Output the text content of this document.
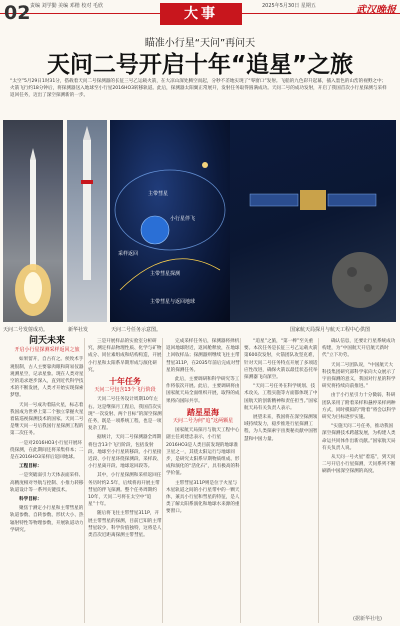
02 责编 刘学勤 美编 邓楷 校对 毛欣	大事	2025年5月30日 星期五	武汉晚报
瞄准小行星“天问”再问天
天问二号开启十年“追星”之旅
“太空”5月29日1时31分，搭载着天问二号探测器的长征三号乙运载火箭，在大凉山深处腾空而起，分秒不差地实现了“零窗口”发射。飞船的九色彩升起幕，插入墨色的山峦的视野之中；火箭飞行约18分钟后，将探测器送入地球至小行星2016HO3转移轨道。此后，探测器太阳翼正常展开，发射任务取得圆满成功。天问二号的成功发射，开启了我国首次小行星探测与采样返回任务，迈出了深空探测新的一步。
主带彗星
小行星伴飞
采样返回
主带彗星探测
主带彗星与返回地球
天问二号发射成功。	新华社发	天问二号任务示意图。	国家航天局探月与航天工程中心供图
问天未来
开启小行星探测采样返回之旅

如果留开，自古有之。侯致术手观很制，古人主要靠肉眼和简易仪器观测星空，记录星象。现在人类对星空的追求逐步深入，直到近代科学技术的不断发展，人类才开始实现探索梦想。

天问一号成功着陆火星，标志着我国成为世界上第二个独立掌握火星着陆巡视探测技术的国家。天问二号是继天问一号后我国行星探测工程的第二次任务。

一是对2016HO3小行星开展环绕探测，在此期间还将采集样本；二是在2016HO3采样后返回地球。

工程目标：

一是突破弱引力天体表面采样、高精度相对导航与控制、小推力转移轨道设计等一系列关键技术。

科学目标：

聚焦于测定小行星和主带彗星的轨道参数、自转参数、形状大小、热辐射特性等物理参数，开展轨道动力学研究。

三是开展样品的实验室分析研究，测定样品物理性质、化学与矿物成分、同位素组成和结构构造，开展小行星和太阳系早期形成与演化研究。

十年任务
天问二号包含13个飞行阶段

天问二号任务设计周期10年左右。这是继探月工程后，我国首次实现“一次发射、两个目标”的深空探测任务，既是一项系统工程，也是一项复杂工程。

据统计，天问二号探测器全周期将包含13个飞行阶段，包括发射段、地球至小行星转移段、小行星接近段、小行星环绕探测段、采样段、小行星离开段、地球返回段等。

其中，小行星探测和采样返回任务历时约2.5年，后续将再开展主带彗星的伴飞探测。整个任务周期约10年，天问二号将在太空中“追星”十年。

随后将飞往主带彗星311P，开展主带彗星的探测，目前已知的主带彗星较少，科学价值独特，这将是人类首次近距离探测主带彗星。

完成采样任务后，探测器将择机返回地球附近，返回舱释放，在地球上回收样品；探测器则继续飞往主带彗星311P，在2035年前后完成对彗星的探测任务。

此后，主要调研和科学研究等工作将依次开展。此后，主要调研将由国家航天局全面组织开展，取得的成果将向国际共享。

踏星星海
天问二号为何“追”这两颗星

国家航天局探月与航天工程中心副主任刘建忠表示，小行星2016HO3是人类目前发现的地球准卫星之一，其绕太阳运行与地球同步，是研究太阳系早期物质组成、形成和演化的“活化石”，具有极高的科学价值。

主带彗星311P则是位于火星与木星轨道之间的小行星带中的一颗天体，兼具小行星和彗星的特征，是人类了解太阳系演化和地球水来源的重要窗口。

“追星”之旅，“第一棒”至关重要。本次任务是长征三号乙运载火箭第600次发射，火箭团队攻坚克难，针对天问二号任务特点开展了多项适应性改进，确保火箭以最佳状态托举探测器飞向深空。

“天问二号任务在科学规划、技术攻关、工程实施等方面都体现了中国航天的创新精神和责任担当。”国家航天局有关负责人表示。

展望未来，我国将在深空探测领域持续发力，稳步推进行星探测工程，为人类探索宇宙奥秘贡献中国智慧和中国力量。

确认信息，还要让行星系统成功构建，为“中国航天开启航天新时代”立下功劳。

天问二号团队说，“中国航天大科技集团研究部科学家向大众展示了宇宙探测的意义，我国对行星的科学研究将持续向前推进。”

由于小行星引力十分微弱，科研团队采用了附着采样和悬停采样两种方式，同时模拟的“附着”将会以科学研究为目标逐步实施。

“实施天问二号任务，推动我国深空探测技术跨越发展，为构建人类命运共同体作出新贡献。”国家航天局有关负责人说。

从天问一号火星“着巡”，到天问二号开启小行星探测，天问系列不断刷新中国深空探测的高度。

(据新华社电)
